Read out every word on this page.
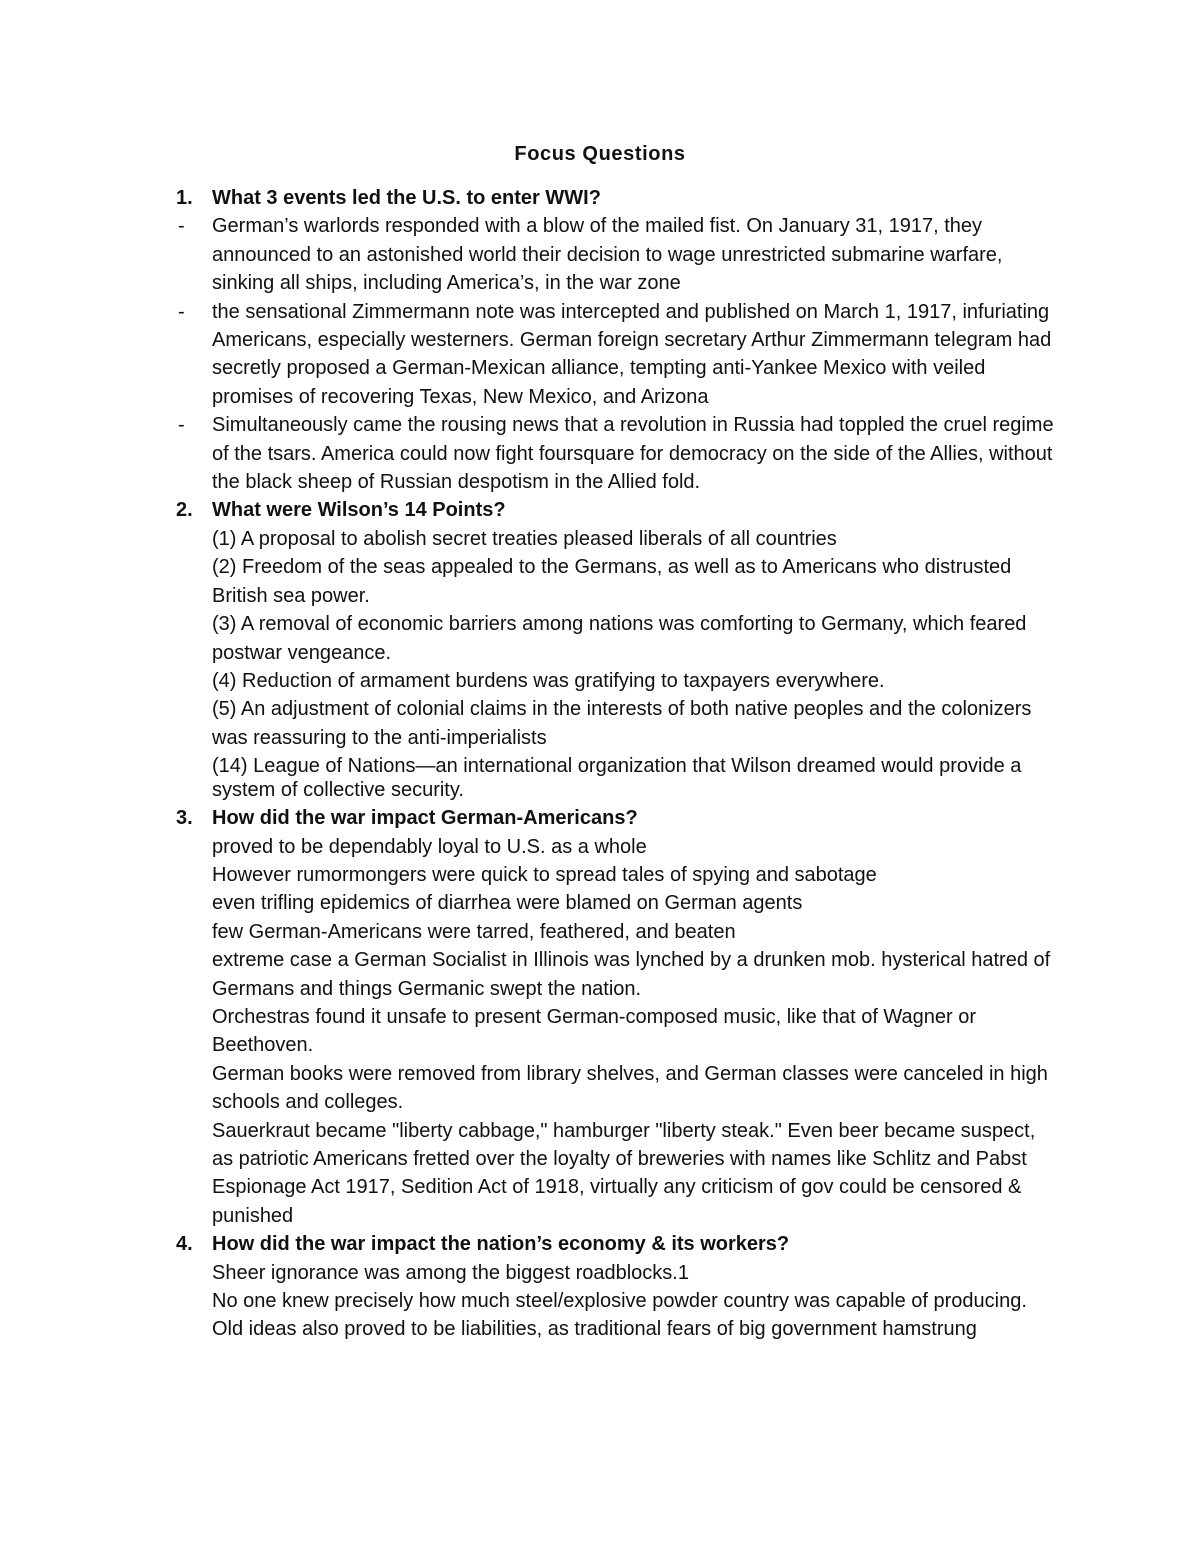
Focus Questions
1. What 3 events led the U.S. to enter WWI?
- German’s warlords responded with a blow of the mailed fist. On January 31, 1917, they announced to an astonished world their decision to wage unrestricted submarine warfare, sinking all ships, including America’s, in the war zone
- the sensational Zimmermann note was intercepted and published on March 1, 1917, infuriating Americans, especially westerners. German foreign secretary Arthur Zimmermann telegram had secretly proposed a German-Mexican alliance, tempting anti-Yankee Mexico with veiled promises of recovering Texas, New Mexico, and Arizona
- Simultaneously came the rousing news that a revolution in Russia had toppled the cruel regime of the tsars. America could now fight foursquare for democracy on the side of the Allies, without the black sheep of Russian despotism in the Allied fold.
2. What were Wilson’s 14 Points?
(1) A proposal to abolish secret treaties pleased liberals of all countries
(2) Freedom of the seas appealed to the Germans, as well as to Americans who distrusted British sea power.
(3) A removal of economic barriers among nations was comforting to Germany, which feared postwar vengeance.
(4) Reduction of armament burdens was gratifying to taxpayers everywhere.
(5) An adjustment of colonial claims in the interests of both native peoples and the colonizers was reassuring to the anti-imperialists
(14) League of Nations—an international organization that Wilson dreamed would provide a system of collective security.
3. How did the war impact German-Americans?
proved to be dependably loyal to U.S. as a whole
However rumormongers were quick to spread tales of spying and sabotage
even trifling epidemics of diarrhea were blamed on German agents
few German-Americans were tarred, feathered, and beaten
extreme case a German Socialist in Illinois was lynched by a drunken mob. hysterical hatred of Germans and things Germanic swept the nation.
Orchestras found it unsafe to present German-composed music, like that of Wagner or Beethoven.
German books were removed from library shelves, and German classes were canceled in high schools and colleges.
Sauerkraut became "liberty cabbage," hamburger "liberty steak." Even beer became suspect, as patriotic Americans fretted over the loyalty of breweries with names like Schlitz and Pabst
Espionage Act 1917, Sedition Act of 1918, virtually any criticism of gov could be censored & punished
4. How did the war impact the nation’s economy & its workers?
Sheer ignorance was among the biggest roadblocks.1
No one knew precisely how much steel/explosive powder country was capable of producing.
Old ideas also proved to be liabilities, as traditional fears of big government hamstrung
